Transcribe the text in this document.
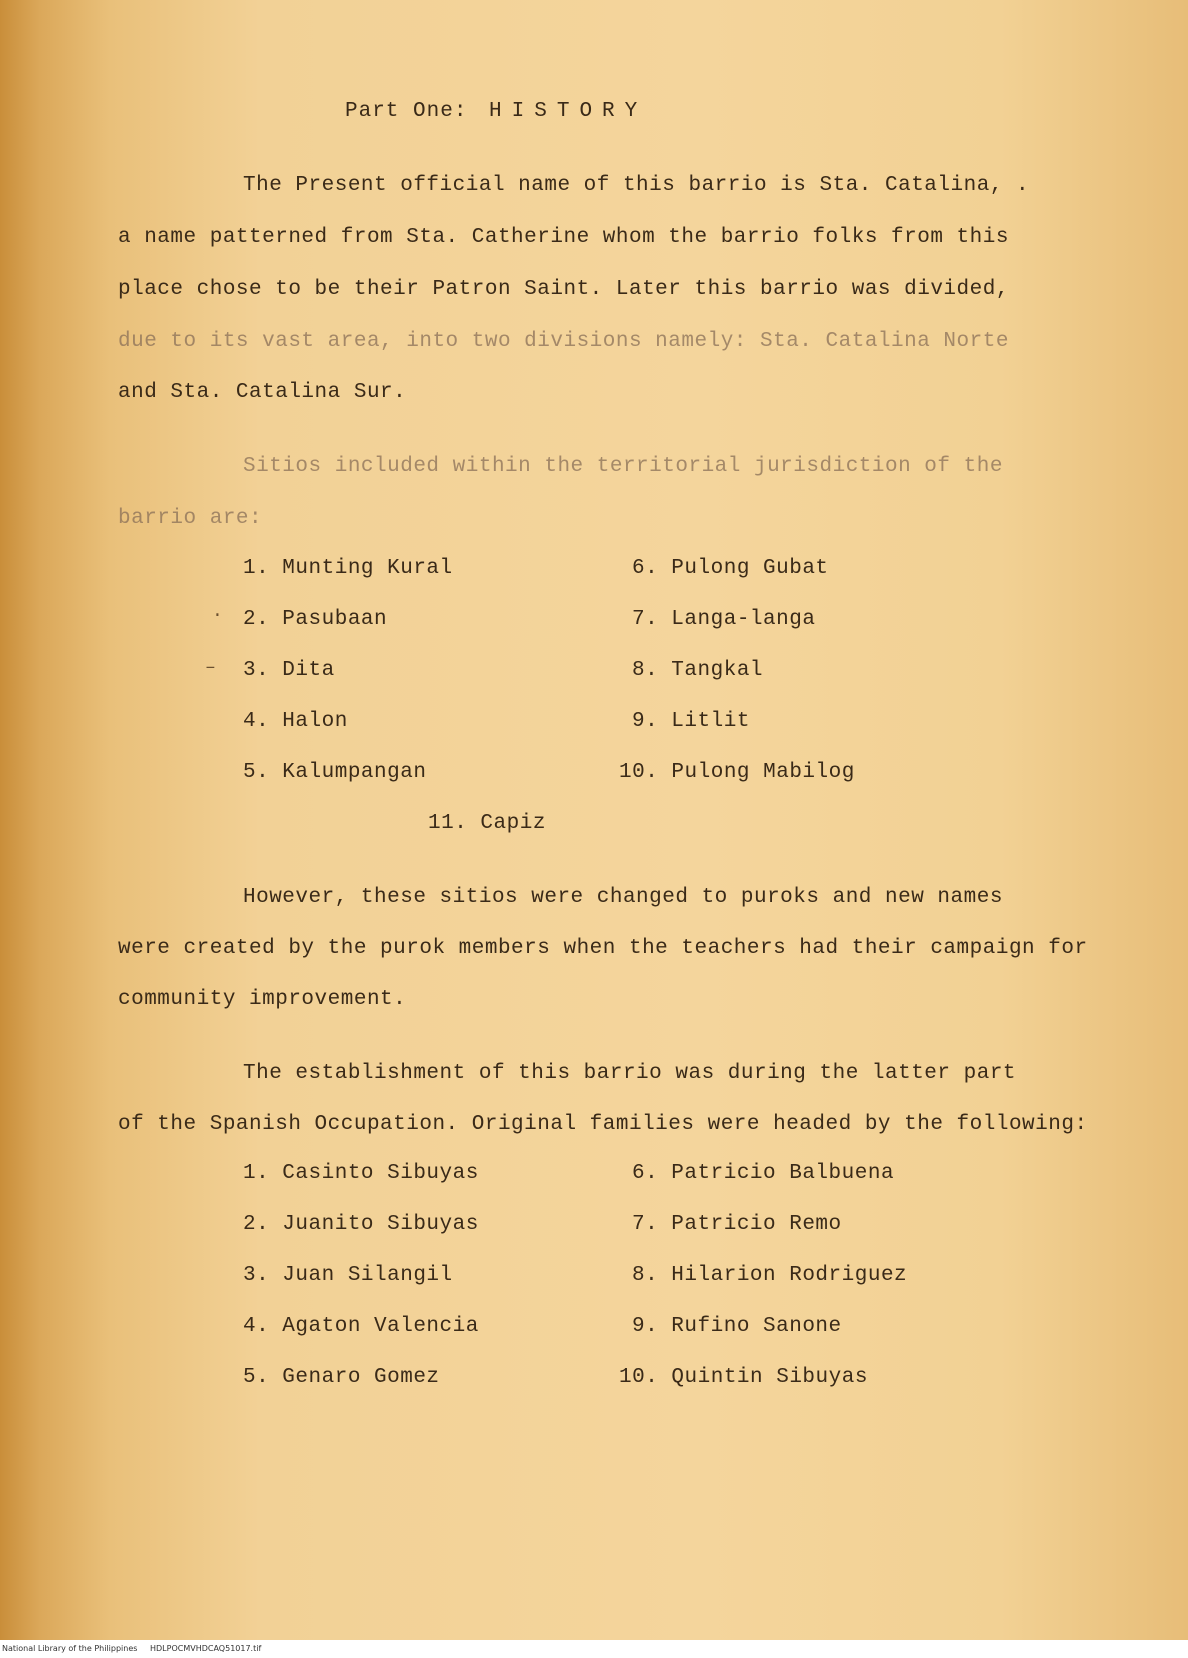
Part One: HISTORY
The Present official name of this barrio is Sta. Catalina, .
a name patterned from Sta. Catherine whom the barrio folks from this
place chose to be their Patron Saint. Later this barrio was divided,
due to its vast area, into two divisions namely: Sta. Catalina Norte
and Sta. Catalina Sur.
Sitios included within the territorial jurisdiction of the
barrio are:
1. Munting Kural
2. Pasubaan
3. Dita
4. Halon
5. Kalumpangan
6. Pulong Gubat
7. Langa-langa
8. Tangkal
9. Litlit
10. Pulong Mabilog
11. Capiz
·
–
However, these sitios were changed to puroks and new names
were created by the purok members when the teachers had their campaign for
community improvement.
The establishment of this barrio was during the latter part
of the Spanish Occupation. Original families were headed by the following:
1. Casinto Sibuyas
2. Juanito Sibuyas
3. Juan Silangil
4. Agaton Valencia
5. Genaro Gomez
6. Patricio Balbuena
7. Patricio Remo
8. Hilarion Rodriguez
9. Rufino Sanone
10. Quintin Sibuyas
National Library of the Philippines HDLPOCMVHDCAQ51017.tif
